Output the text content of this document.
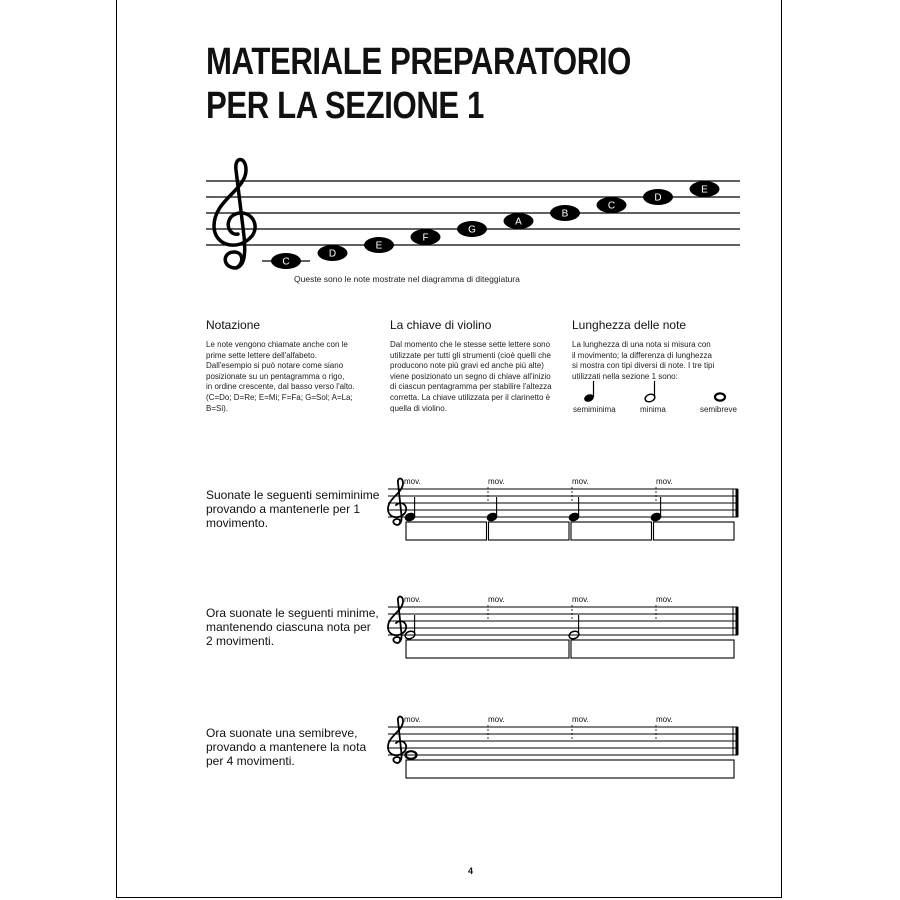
MATERIALE PREPARATORIO
PER LA SEZIONE 1
C
D
E
F
G
A
B
C
D
E
Queste sono le note mostrate nel diagramma di diteggiatura
Notazione
Le note vengono chiamate anche con le
prime sette lettere dell'alfabeto.
Dall'esempio si può notare come siano
posizionate su un pentagramma o rigo,
in ordine crescente, dal basso verso l'alto.
(C=Do; D=Re; E=Mi; F=Fa; G=Sol; A=La;
B=Si).
La chiave di violino
Dal momento che le stesse sette lettere sono
utilizzate per tutti gli strumenti (cioè quelli che
producono note più gravi ed anche più alte)
viene posizionato un segno di chiave all'inizio
di ciascun pentagramma per stabilire l'altezza
corretta. La chiave utilizzata per il clarinetto è
quella di violino.
Lunghezza delle note
La lunghezza di una nota si misura con
il movimento; la differenza di lunghezza
si mostra con tipi diversi di note. I tre tipi
utilizzati nella sezione 1 sono:
semiminima	minima	semibreve
Suonate le seguenti semiminime
provando a mantenerle per 1
movimento.
Ora suonate le seguenti minime,
mantenendo ciascuna nota per
2 movimenti.
Ora suonate una semibreve,
provando a mantenere la nota
per 4 movimenti.
mov.	mov.	mov.	mov.
mov.	mov.	mov.	mov.
mov.	mov.	mov.	mov.
4
